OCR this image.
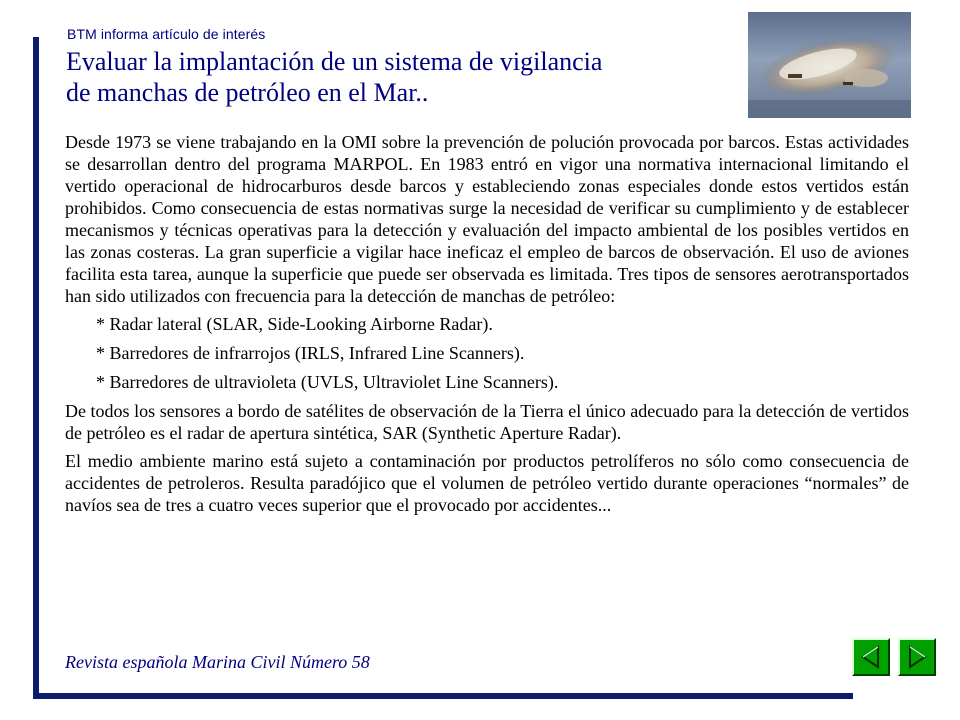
BTM informa artículo de interés
Evaluar la implantación de un sistema de vigilancia
de manchas de petróleo en el Mar..

Desde 1973 se viene trabajando en la OMI sobre la prevención de polución provocada por barcos. Estas actividades se desarrollan dentro del programa MARPOL. En 1983 entró en vigor una normativa internacional limitando el vertido operacional de hidrocarburos desde barcos y estableciendo zonas especiales donde estos vertidos están prohibidos. Como consecuencia de estas normativas surge la necesidad de verificar su cumplimiento y de establecer mecanismos y técnicas operativas para la detección y evaluación del impacto ambiental de los posibles vertidos en las zonas costeras. La gran superficie a vigilar hace ineficaz el empleo de barcos de observación. El uso de aviones facilita esta tarea, aunque la superficie que puede ser observada es limitada. Tres tipos de sensores aerotransportados han sido utilizados con frecuencia para la detección de manchas de petróleo:

* Radar lateral (SLAR, Side-Looking Airborne Radar).

* Barredores de infrarrojos (IRLS, Infrared Line Scanners).

* Barredores de ultravioleta (UVLS, Ultraviolet Line Scanners).

De todos los sensores a bordo de satélites de observación de la Tierra el único adecuado para la detección de vertidos de petróleo es el radar de apertura sintética, SAR (Synthetic Aperture Radar).

El medio ambiente marino está sujeto a contaminación por productos petrolíferos no sólo como consecuencia de accidentes de petroleros. Resulta paradójico que el volumen de petróleo vertido durante operaciones “normales” de navíos sea de tres a cuatro veces superior que el provocado por accidentes...

Revista española Marina Civil Número 58
